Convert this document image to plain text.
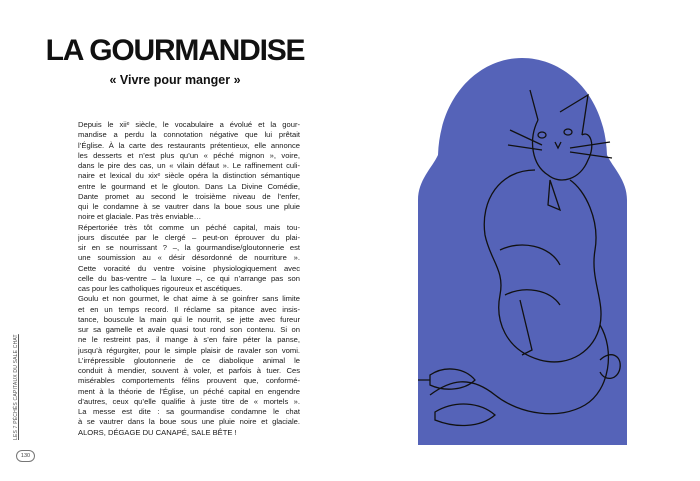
LA GOURMANDISE
« Vivre pour manger »
Depuis le xiiᵉ siècle, le vocabulaire a évolué et la gour-
mandise a perdu la connotation négative que lui prêtait
l’Église. À la carte des restaurants prétentieux, elle annonce
les desserts et n’est plus qu’un « péché mignon », voire,
dans le pire des cas, un « vilain défaut ». Le raffinement culi-
naire et lexical du xixᵉ siècle opéra la distinction sémantique
entre le gourmand et le glouton. Dans La Divine Comédie,
Dante promet au second le troisième niveau de l’enfer,
qui le condamne à se vautrer dans la boue sous une pluie
noire et glaciale. Pas très enviable…
Répertoriée très tôt comme un péché capital, mais tou-
jours discutée par le clergé – peut-on éprouver du plai-
sir en se nourrissant ? –, la gourmandise/gloutonnerie est
une soumission au « désir désordonné de nourriture ».
Cette voracité du ventre voisine physiologiquement avec
celle du bas-ventre – la luxure –, ce qui n’arrange pas son
cas pour les catholiques rigoureux et ascétiques.
Goulu et non gourmet, le chat aime à se goinfrer sans limite
et en un temps record. Il réclame sa pitance avec insis-
tance, bouscule la main qui le nourrit, se jette avec fureur
sur sa gamelle et avale quasi tout rond son contenu. Si on
ne le restreint pas, il mange à s’en faire péter la panse,
jusqu’à régurgiter, pour le simple plaisir de ravaler son vomi.
L’irrépressible gloutonnerie de ce diabolique animal le
conduit à mendier, souvent à voler, et parfois à tuer. Ces
misérables comportements félins prouvent que, conformé-
ment à la théorie de l’Église, un péché capital en engendre
d’autres, ceux qu’elle qualifie à juste titre de « mortels ».
La messe est dite : sa gourmandise condamne le chat
à se vautrer dans la boue sous une pluie noire et glaciale.
ALORS, DÉGAGE DU CANAPÉ, SALE BÊTE !
LES 7 PÉCHÉS CAPITAUX DU SALE CHAT
130
